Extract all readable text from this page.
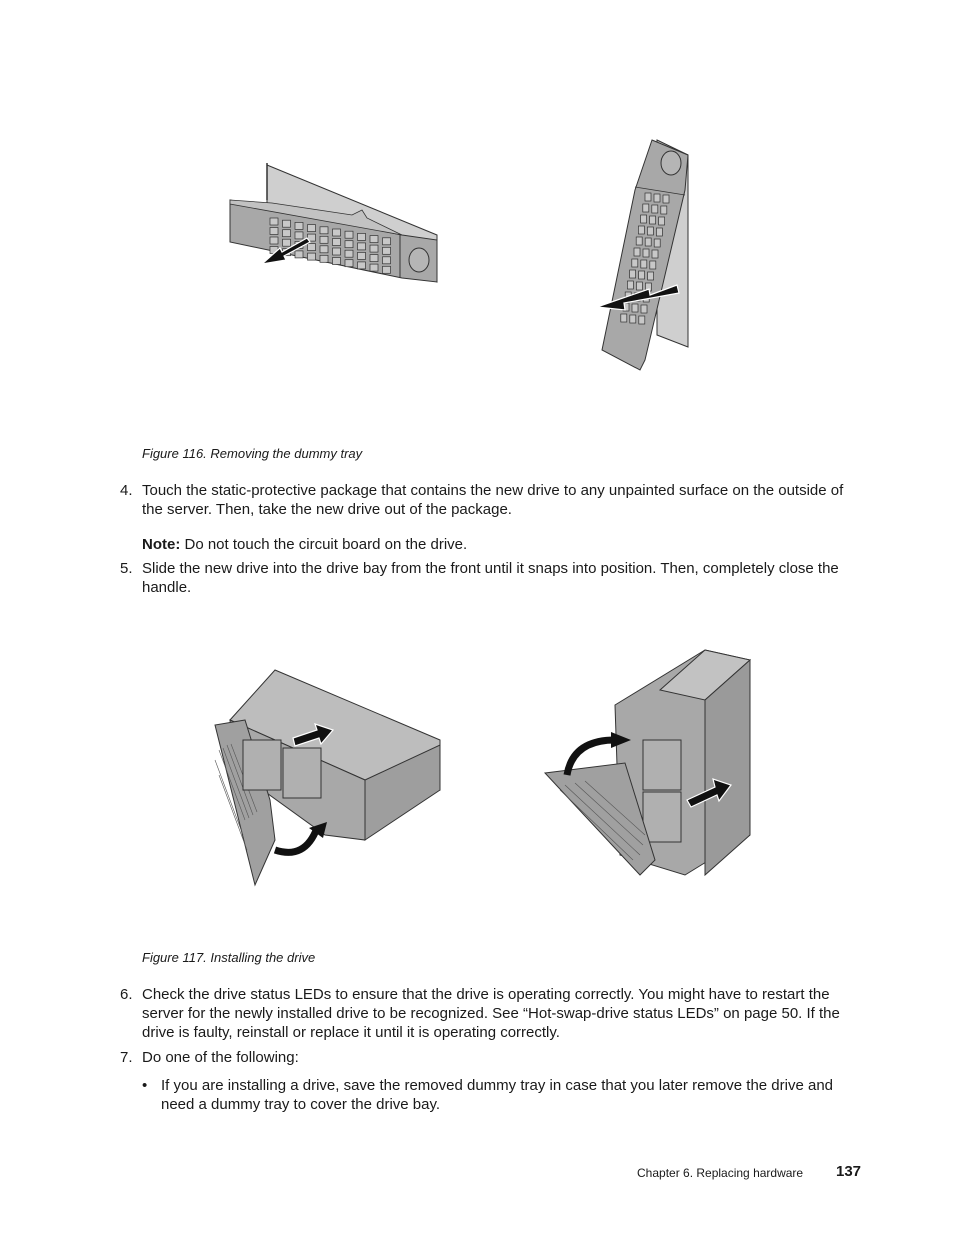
Figure 116. Removing the dummy tray
4. Touch the static-protective package that contains the new drive to any unpainted surface on the outside of the server. Then, take the new drive out of the package.
Note: Do not touch the circuit board on the drive.
5. Slide the new drive into the drive bay from the front until it snaps into position. Then, completely close the handle.
Figure 117. Installing the drive
6. Check the drive status LEDs to ensure that the drive is operating correctly. You might have to restart the server for the newly installed drive to be recognized. See “Hot-swap-drive status LEDs” on page 50. If the drive is faulty, reinstall or replace it until it is operating correctly.
7. Do one of the following:
• If you are installing a drive, save the removed dummy tray in case that you later remove the drive and need a dummy tray to cover the drive bay.
Chapter 6. Replacing hardware 137
